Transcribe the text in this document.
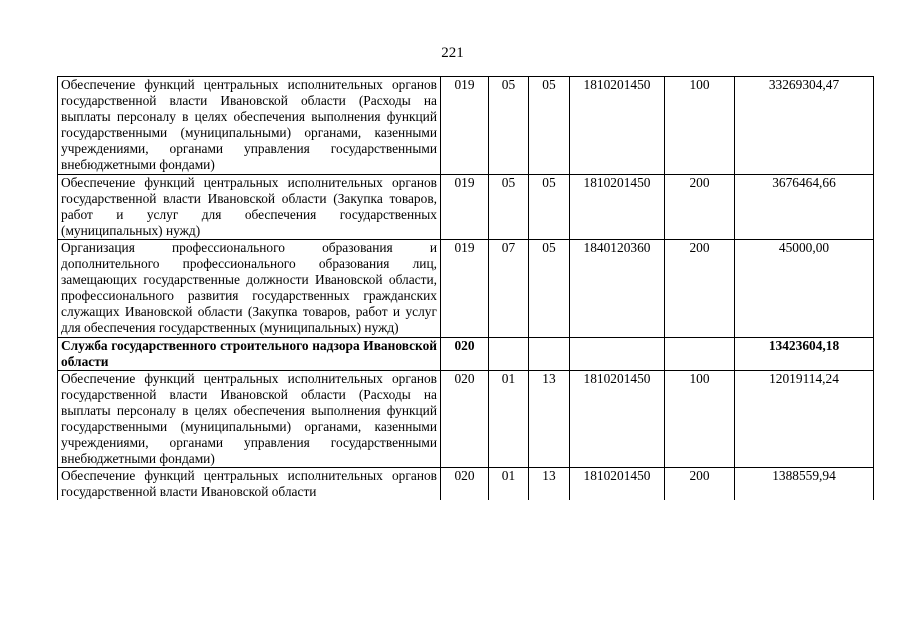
221
Обеспечение функций центральных исполнительных органов государственной власти Ивановской области (Расходы на выплаты персоналу в целях обеспечения выполнения функций государственными (муниципальными) органами, казенными учреждениями, органами управления государственными внебюджетными фондами)	019	05	05	1810201450	100	33269304,47
Обеспечение функций центральных исполнительных органов государственной власти Ивановской области (Закупка товаров, работ и услуг для обеспечения государственных (муниципальных) нужд)	019	05	05	1810201450	200	3676464,66
Организация профессионального образования и дополнительного профессионального образования лиц, замещающих государственные должности Ивановской области, профессионального развития государственных гражданских служащих Ивановской области (Закупка товаров, работ и услуг для обеспечения государственных (муниципальных) нужд)	019	07	05	1840120360	200	45000,00
Служба государственного строительного надзора Ивановской области	020					13423604,18
Обеспечение функций центральных исполнительных органов государственной власти Ивановской области (Расходы на выплаты персоналу в целях обеспечения выполнения функций государственными (муниципальными) органами, казенными учреждениями, органами управления государственными внебюджетными фондами)	020	01	13	1810201450	100	12019114,24

Обеспечение функций центральных исполнительных органов государственной власти Ивановской области	020	01	13	1810201450	200	1388559,94
